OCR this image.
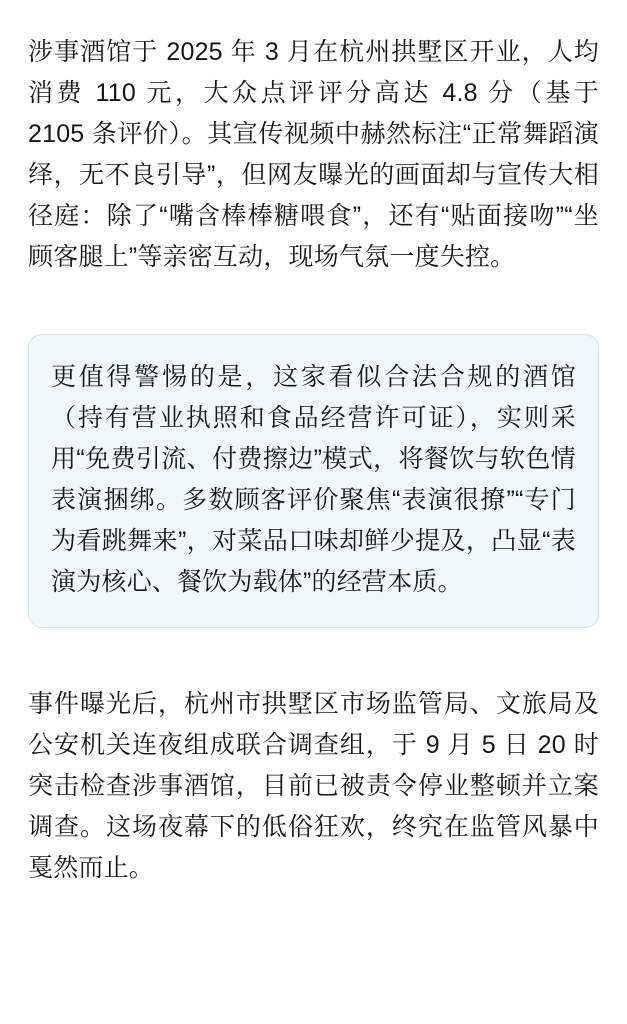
涉事酒馆于 2025 年 3 月在杭州拱墅区开业，人均消费 110 元，大众点评评分高达 4.8 分（基于 2105 条评价）。其宣传视频中赫然标注“正常舞蹈演绎，无不良引导”，但网友曝光的画面却与宣传大相径庭：除了“嘴含棒棒糖喂食”，还有“贴面接吻”“坐顾客腿上”等亲密互动，现场气氛一度失控。

更值得警惕的是，这家看似合法合规的酒馆（持有营业执照和食品经营许可证），实则采用“免费引流、付费擦边”模式，将餐饮与软色情表演捆绑。多数顾客评价聚焦“表演很撩”“专门为看跳舞来”，对菜品口味却鲜少提及，凸显“表演为核心、餐饮为载体”的经营本质。

事件曝光后，杭州市拱墅区市场监管局、文旅局及公安机关连夜组成联合调查组，于 9 月 5 日 20 时突击检查涉事酒馆，目前已被责令停业整顿并立案调查。这场夜幕下的低俗狂欢，终究在监管风暴中戛然而止。
